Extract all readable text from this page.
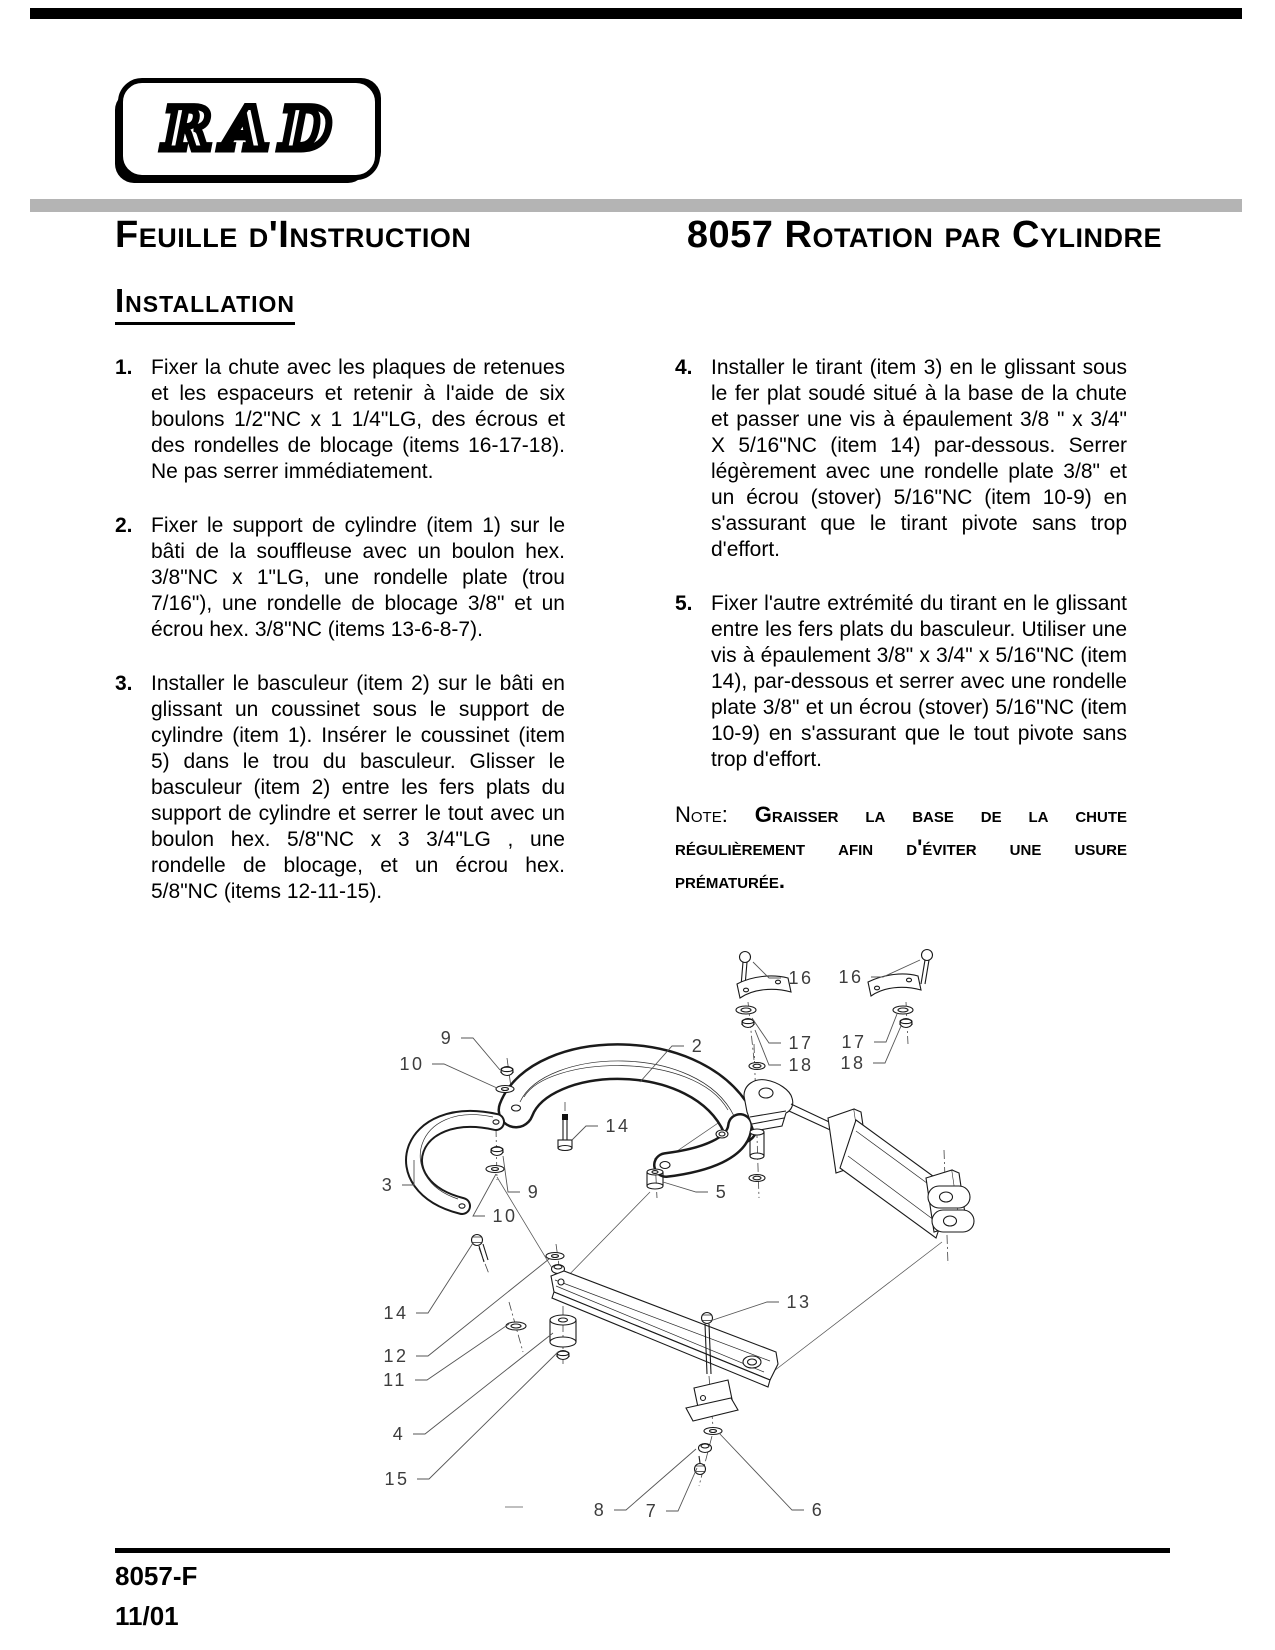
RAD
Feuille d'Instruction	8057 Rotation par Cylindre
Installation
1. Fixer la chute avec les plaques de retenues et les espaceurs et retenir à l'aide de six boulons 1/2"NC x 1 1/4"LG, des écrous et des rondelles de blocage (items 16-17-18). Ne pas serrer immédiatement.
2. Fixer le support de cylindre (item 1) sur le bâti de la souffleuse avec un boulon hex. 3/8"NC x 1"LG, une rondelle plate (trou 7/16"), une rondelle de blocage 3/8" et un écrou hex. 3/8"NC (items 13-6-8-7).
3. Installer le basculeur (item 2) sur le bâti en glissant un coussinet sous le support de cylindre (item 1). Insérer le coussinet (item 5) dans le trou du basculeur. Glisser le basculeur (item 2) entre les fers plats du support de cylindre et serrer le tout avec un boulon hex. 5/8"NC x 3 3/4"LG , une rondelle de blocage, et un écrou hex. 5/8"NC (items 12-11-15).
4. Installer le tirant (item 3) en le glissant sous le fer plat soudé situé à la base de la chute et passer une vis à épaulement 3/8 " x 3/4" X 5/16"NC (item 14) par-dessous. Serrer légèrement avec une rondelle plate 3/8" et un écrou (stover) 5/16"NC (item 10-9) en s'assurant que le tirant pivote sans trop d'effort.
5. Fixer l'autre extrémité du tirant en le glissant entre les fers plats du basculeur. Utiliser une vis à épaulement 3/8" x 3/4" x 5/16"NC (item 14), par-dessous et serrer avec une rondelle plate 3/8" et un écrou (stover) 5/16"NC (item 10-9) en s'assurant que le tout pivote sans trop d'effort.
Note: Graisser la base de la chute régulièrement afin d'éviter une usure prématurée.
9
10
2
16 16
17 17
18 18
3	9
10
14
5
13
14
12
11
4
15
8 7	6
8057-F
11/01
